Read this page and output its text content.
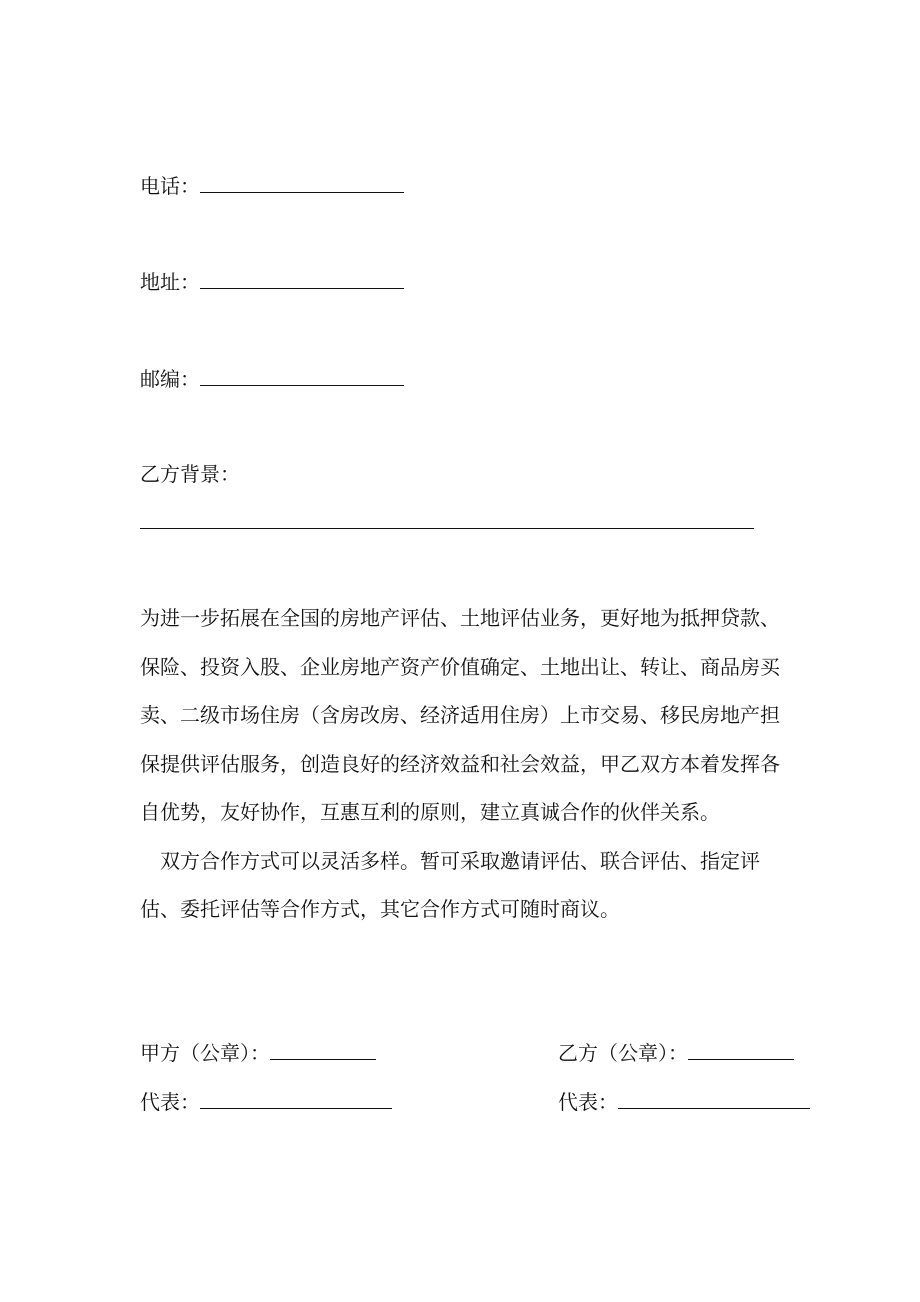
电话：
地址：
邮编：
乙方背景：

为进一步拓展在全国的房地产评估、土地评估业务，更好地为抵押贷款、保险、投资入股、企业房地产资产价值确定、土地出让、转让、商品房买卖、二级市场住房（含房改房、经济适用住房）上市交易、移民房地产担保提供评估服务，创造良好的经济效益和社会效益，甲乙双方本着发挥各自优势，友好协作，互惠互利的原则，建立真诚合作的伙伴关系。

双方合作方式可以灵活多样。暂可采取邀请评估、联合评估、指定评估、委托评估等合作方式，其它合作方式可随时商议。

甲方（公章）：	乙方（公章）：
代表：	代表：
